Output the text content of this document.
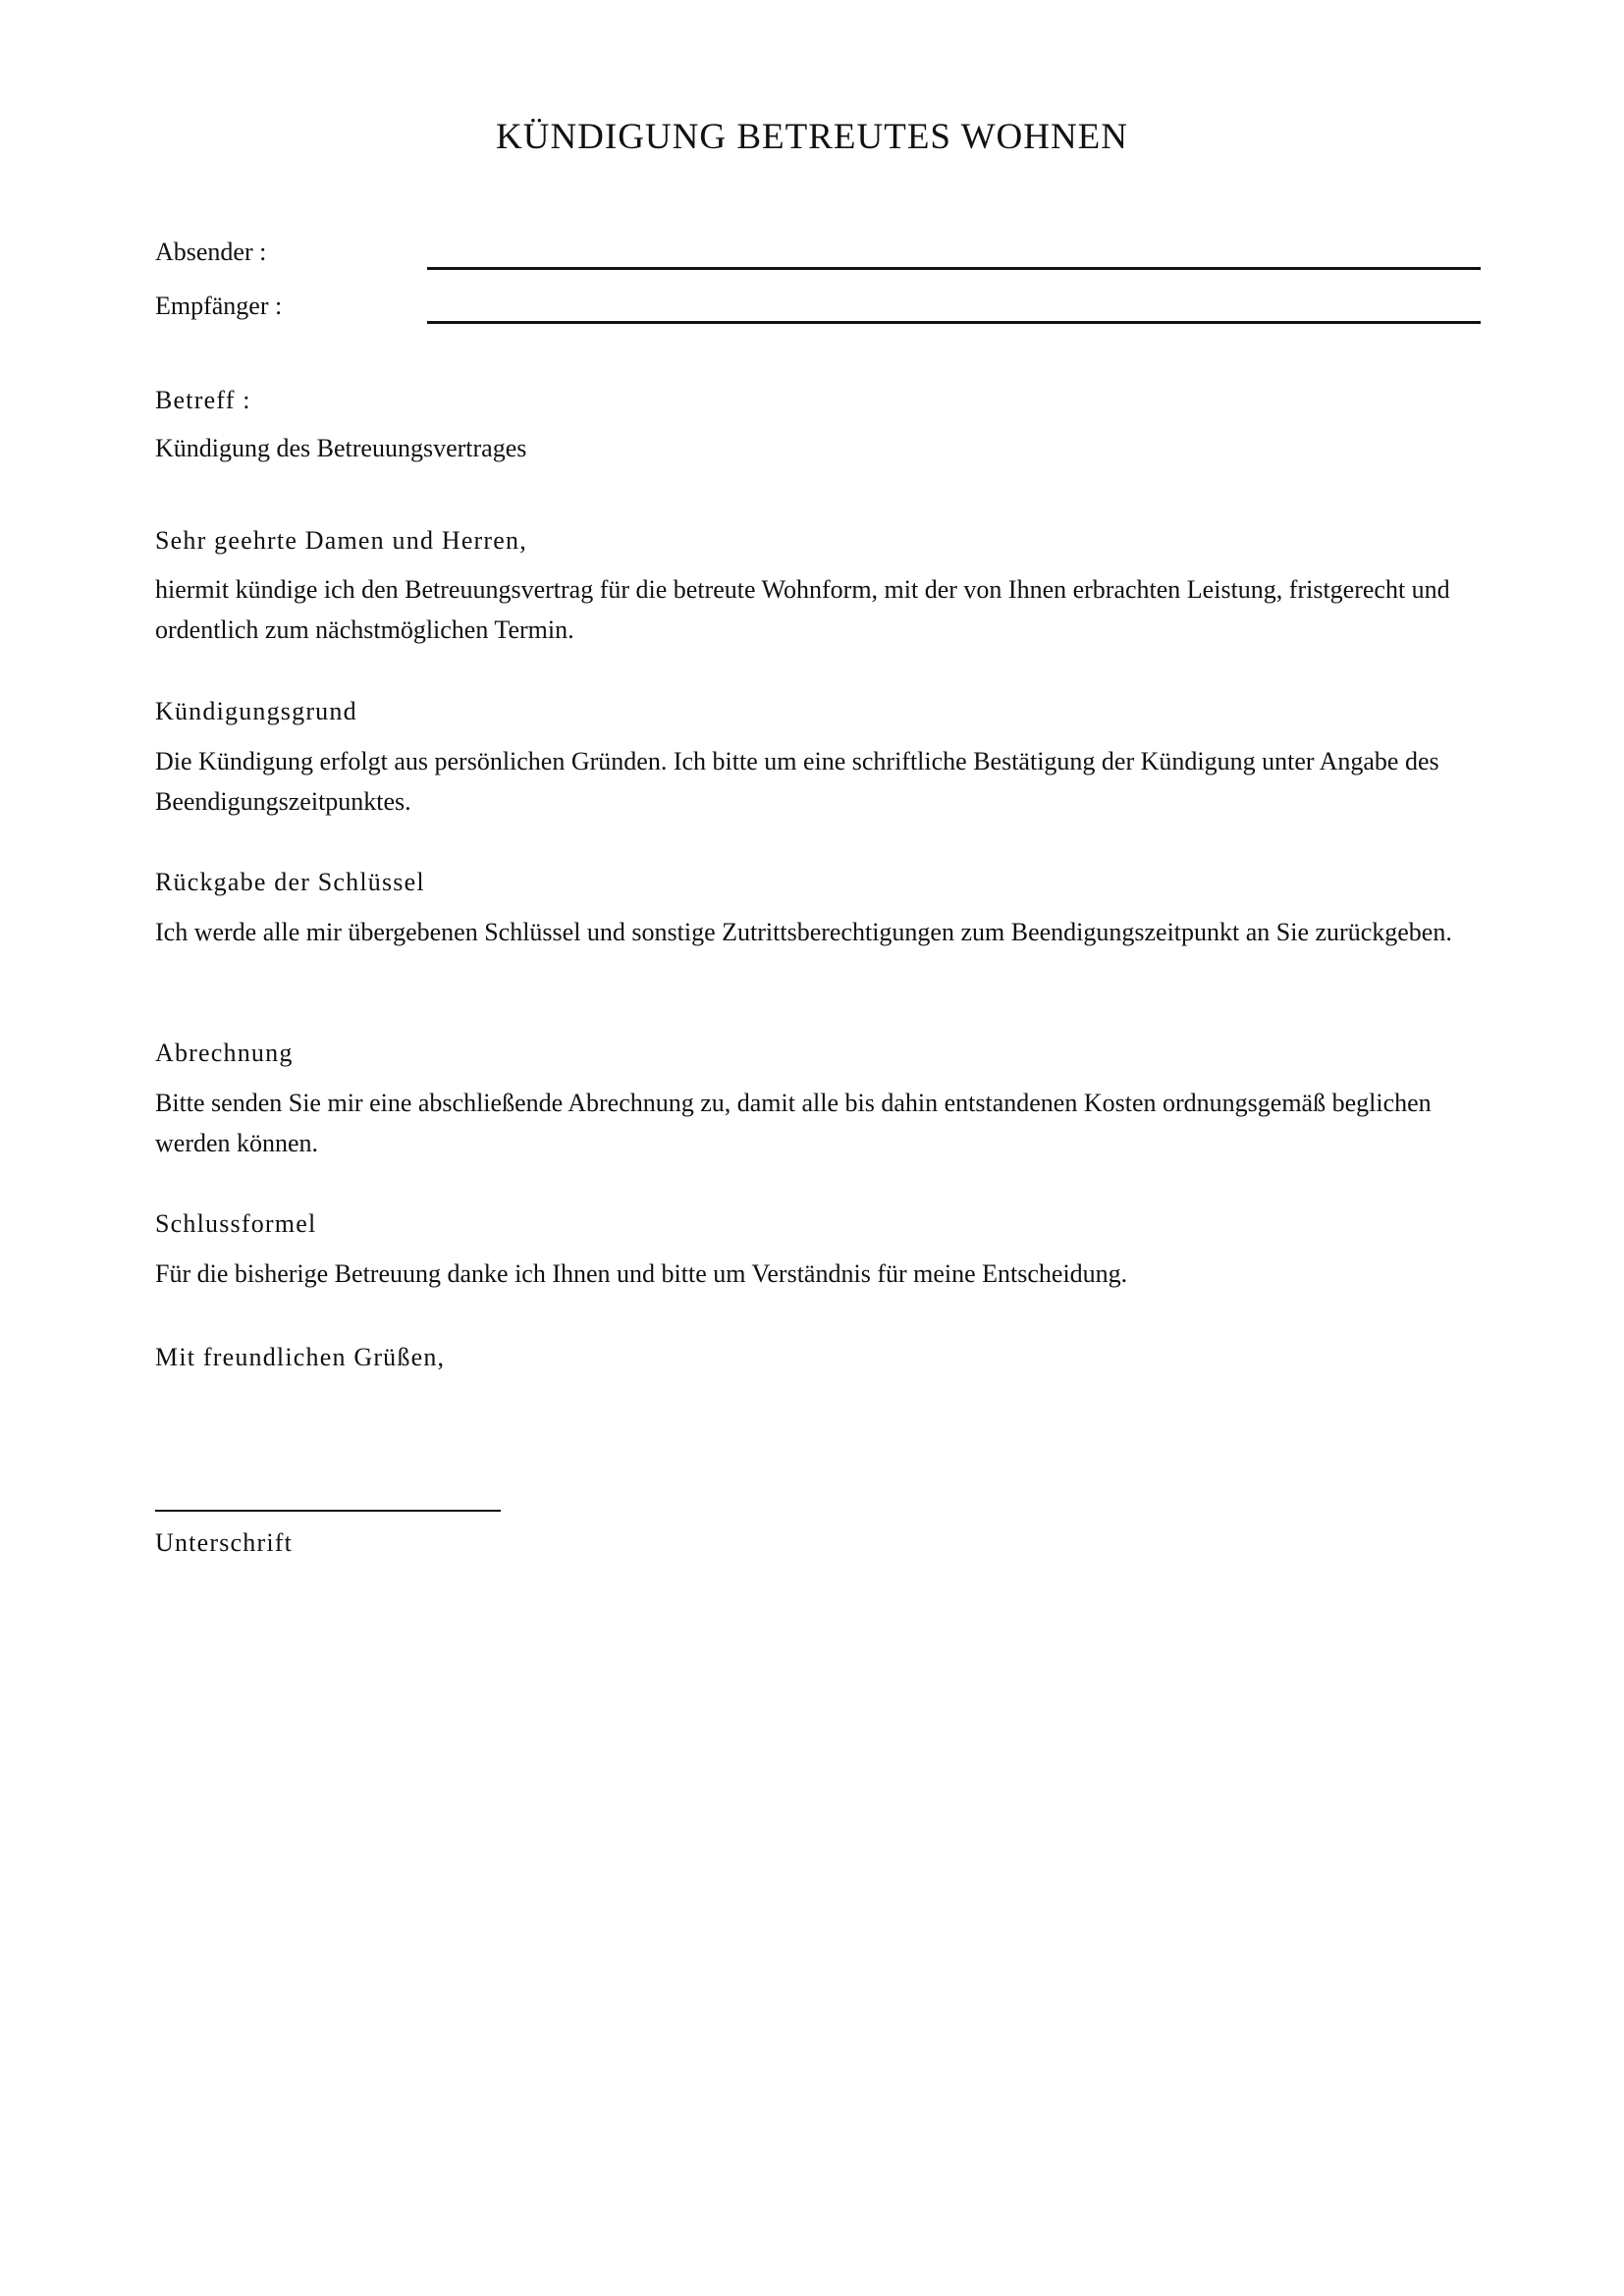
KÜNDIGUNG BETREUTES WOHNEN
Absender :
Empfänger :
Betreff :
Kündigung des Betreuungsvertrages
Sehr geehrte Damen und Herren,
hiermit kündige ich den Betreuungsvertrag für die betreute Wohnform, mit der von Ihnen erbrachten Leistung, fristgerecht und ordentlich zum nächstmöglichen Termin.
Kündigungsgrund
Die Kündigung erfolgt aus persönlichen Gründen. Ich bitte um eine schriftliche Bestätigung der Kündigung unter Angabe des Beendigungszeitpunktes.
Rückgabe der Schlüssel
Ich werde alle mir übergebenen Schlüssel und sonstige Zutrittsberechtigungen zum Beendigungszeitpunkt an Sie zurückgeben.
Abrechnung
Bitte senden Sie mir eine abschließende Abrechnung zu, damit alle bis dahin entstandenen Kosten ordnungsgemäß beglichen werden können.
Schlussformel
Für die bisherige Betreuung danke ich Ihnen und bitte um Verständnis für meine Entscheidung.
Mit freundlichen Grüßen,
Unterschrift
